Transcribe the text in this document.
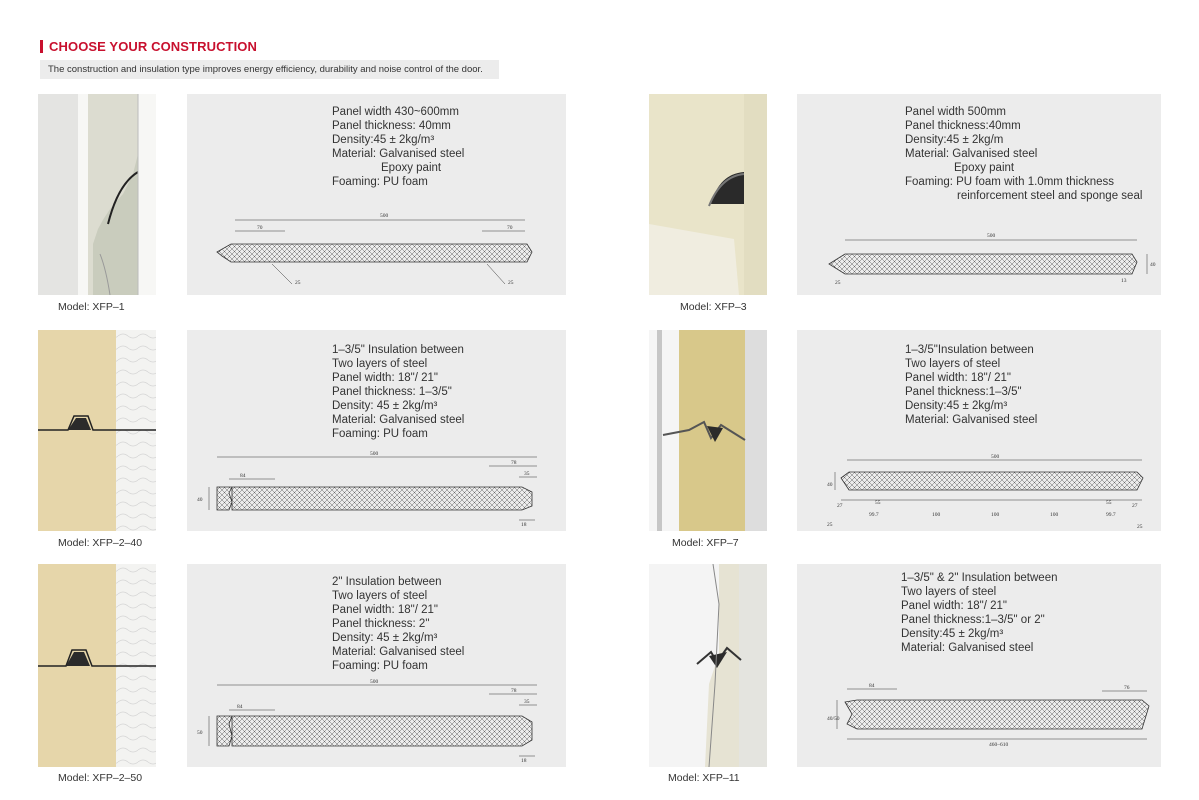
CHOOSE YOUR CONSTRUCTION
The construction and insulation type improves energy efficiency, durability and noise control of the door.
Model: XFP–1
Panel width 430~600mm
Panel thickness: 40mm
Density:45 ± 2kg/m³
Material: Galvanised steel
Epoxy paint
Foaming: PU foam
500
70	70
25	25
Model: XFP–3
Panel width 500mm
Panel thickness:40mm
Density:45 ± 2kg/m
Material: Galvanised steel
Epoxy paint
Foaming: PU foam with 1.0mm thickness
reinforcement steel and sponge seal
500
40
25	13
Model: XFP–2–40
1–3/5" Insulation between
Two layers of steel
Panel width: 18"/ 21"
Panel thickness: 1–3/5"
Density: 45 ± 2kg/m³
Material: Galvanised steel
Foaming: PU foam
500
84
78
35
40
18
Model: XFP–7
1–3/5"Insulation between
Two layers of steel
Panel width: 18"/ 21"
Panel thickness:1–3/5"
Density:45 ± 2kg/m³
Material: Galvanised steel
500
40
27	55
99.7	100	100	100	99.7
55	27
25	25
Model: XFP–2–50
2" Insulation between
Two layers of steel
Panel width: 18"/ 21"
Panel thickness: 2"
Density: 45 ± 2kg/m³
Material: Galvanised steel
Foaming: PU foam
500
84
78
35
50
18
Model: XFP–11
1–3/5" & 2" Insulation between
Two layers of steel
Panel width: 18"/ 21"
Panel thickness:1–3/5" or 2"
Density:45 ± 2kg/m³
Material: Galvanised steel
84	76
40/50
460–610
